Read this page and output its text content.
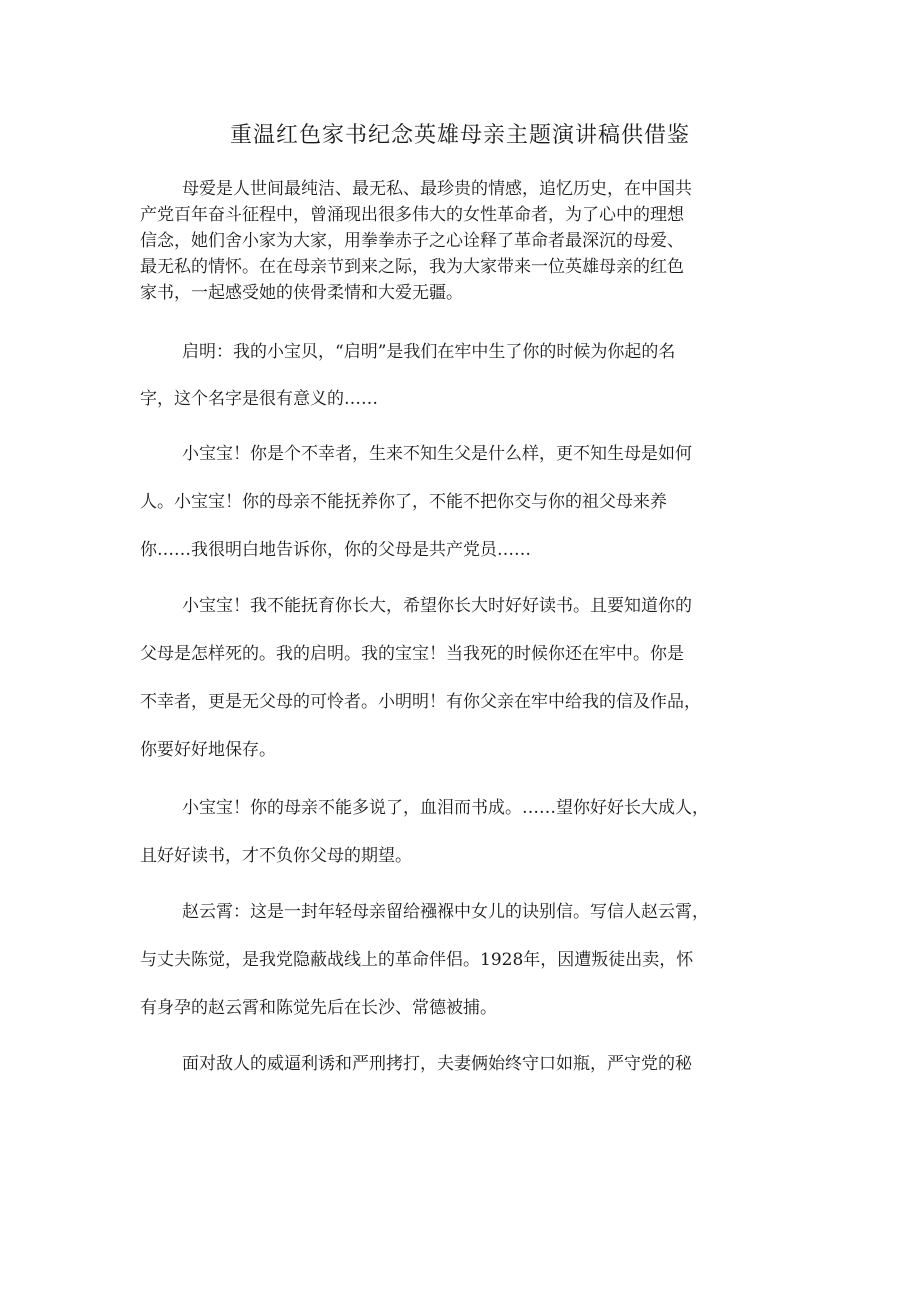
重温红色家书纪念英雄母亲主题演讲稿供借鉴
母爱是人世间最纯洁、最无私、最珍贵的情感，追忆历史，在中国共
产党百年奋斗征程中，曾涌现出很多伟大的女性革命者，为了心中的理想
信念，她们舍小家为大家，用拳拳赤子之心诠释了革命者最深沉的母爱、
最无私的情怀。在在母亲节到来之际，我为大家带来一位英雄母亲的红色
家书，一起感受她的侠骨柔情和大爱无疆。
启明：我的小宝贝，“启明”是我们在牢中生了你的时候为你起的名
字，这个名字是很有意义的……
小宝宝！你是个不幸者，生来不知生父是什么样，更不知生母是如何
人。小宝宝！你的母亲不能抚养你了，不能不把你交与你的祖父母来养
你……我很明白地告诉你，你的父母是共产党员……
小宝宝！我不能抚育你长大，希望你长大时好好读书。且要知道你的
父母是怎样死的。我的启明。我的宝宝！当我死的时候你还在牢中。你是
不幸者，更是无父母的可怜者。小明明！有你父亲在牢中给我的信及作品，
你要好好地保存。
小宝宝！你的母亲不能多说了，血泪而书成。……望你好好长大成人，
且好好读书，才不负你父母的期望。
赵云霄：这是一封年轻母亲留给襁褓中女儿的诀别信。写信人赵云霄，
与丈夫陈觉，是我党隐蔽战线上的革命伴侣。1928年，因遭叛徒出卖，怀
有身孕的赵云霄和陈觉先后在长沙、常德被捕。
面对敌人的威逼利诱和严刑拷打，夫妻俩始终守口如瓶，严守党的秘
